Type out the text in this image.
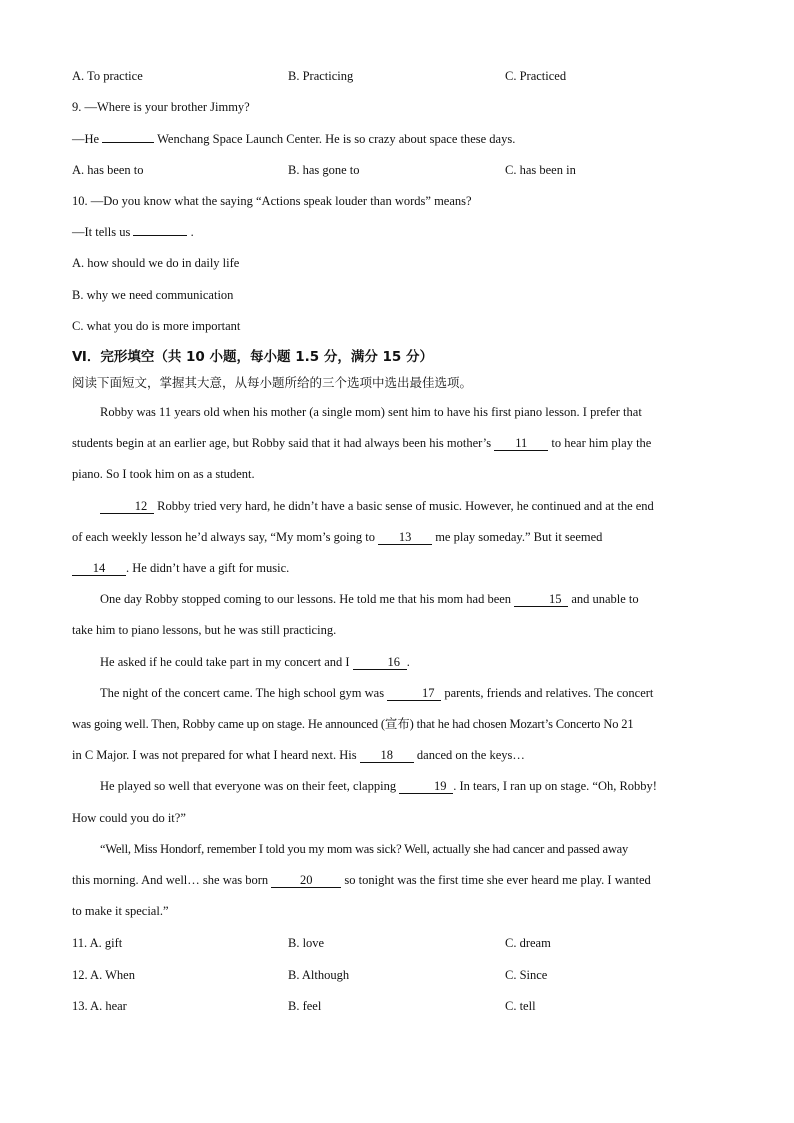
A. To practice	B. Practicing	C. Practiced
9. —Where is your brother Jimmy?
—He	Wenchang Space Launch Center. He is so crazy about space these days.
A. has been to	B. has gone to	C. has been in
10. —Do you know what the saying “Actions speak louder than words” means?
—It tells us	.
A. how should we do in daily life
B. why we need communication
C. what you do is more important
Ⅵ．完形填空（共 10 小题，每小题 1.5 分，满分 15 分）
阅读下面短文，掌握其大意，从每小题所给的三个选项中选出最佳选项。
Robby was 11 years old when his mother (a single mom) sent him to have his first piano lesson. I prefer that
students begin at an earlier age, but Robby said that it had always been his mother’s 11 to hear him play the
piano. So I took him on as a student.
12 Robby tried very hard, he didn’t have a basic sense of music. However, he continued and at the end
of each weekly lesson he’d always say, “My mom’s going to 13 me play someday.” But it seemed
14 . He didn’t have a gift for music.
One day Robby stopped coming to our lessons. He told me that his mom had been	15 and unable to
take him to piano lessons, but he was still practicing.
He asked if he could take part in my concert and I	16 .
The night of the concert came. The high school gym was	17 parents, friends and relatives. The concert
was going well. Then, Robby came up on stage. He announced (宣布) that he had chosen Mozart’s Concerto No 21
in C Major. I was not prepared for what I heard next. His 18 danced on the keys…
He played so well that everyone was on their feet, clapping	19 . In tears, I ran up on stage. “Oh, Robby!
How could you do it?”
“Well, Miss Hondorf, remember I told you my mom was sick? Well, actually she had cancer and passed away
this morning. And well… she was born	20	so tonight was the first time she ever heard me play. I wanted
to make it special.”
11. A. gift	B. love	C. dream
12. A. When	B. Although	C. Since
13. A. hear	B. feel	C. tell
